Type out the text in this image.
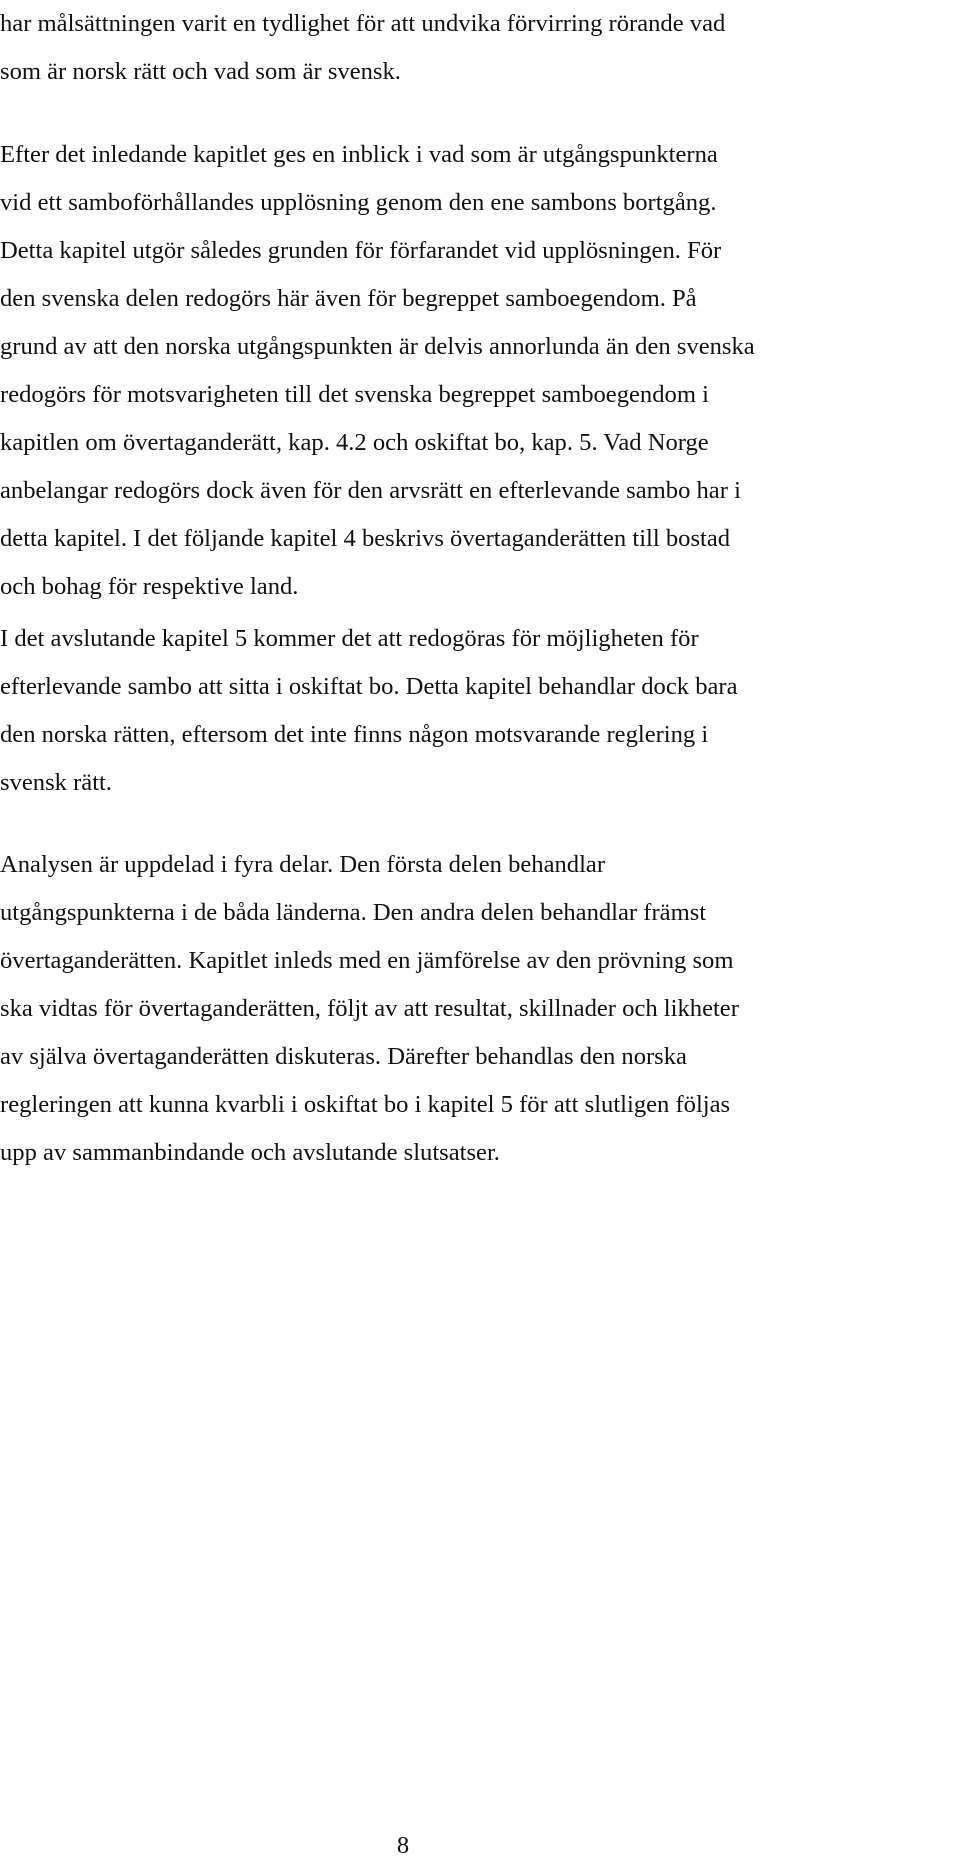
har målsättningen varit en tydlighet för att undvika förvirring rörande vad
som är norsk rätt och vad som är svensk.

Efter det inledande kapitlet ges en inblick i vad som är utgångspunkterna
vid ett samboförhållandes upplösning genom den ene sambons bortgång.
Detta kapitel utgör således grunden för förfarandet vid upplösningen. För
den svenska delen redogörs här även för begreppet samboegendom. På
grund av att den norska utgångspunkten är delvis annorlunda än den svenska
redogörs för motsvarigheten till det svenska begreppet samboegendom i
kapitlen om övertaganderätt, kap. 4.2 och oskiftat bo, kap. 5. Vad Norge
anbelangar redogörs dock även för den arvsrätt en efterlevande sambo har i
detta kapitel. I det följande kapitel 4 beskrivs övertaganderätten till bostad
och bohag för respektive land.

I det avslutande kapitel 5 kommer det att redogöras för möjligheten för
efterlevande sambo att sitta i oskiftat bo. Detta kapitel behandlar dock bara
den norska rätten, eftersom det inte finns någon motsvarande reglering i
svensk rätt.

Analysen är uppdelad i fyra delar. Den första delen behandlar
utgångspunkterna i de båda länderna. Den andra delen behandlar främst
övertaganderätten. Kapitlet inleds med en jämförelse av den prövning som
ska vidtas för övertaganderätten, följt av att resultat, skillnader och likheter
av själva övertaganderätten diskuteras. Därefter behandlas den norska
regleringen att kunna kvarbli i oskiftat bo i kapitel 5 för att slutligen följas
upp av sammanbindande och avslutande slutsatser.

8
